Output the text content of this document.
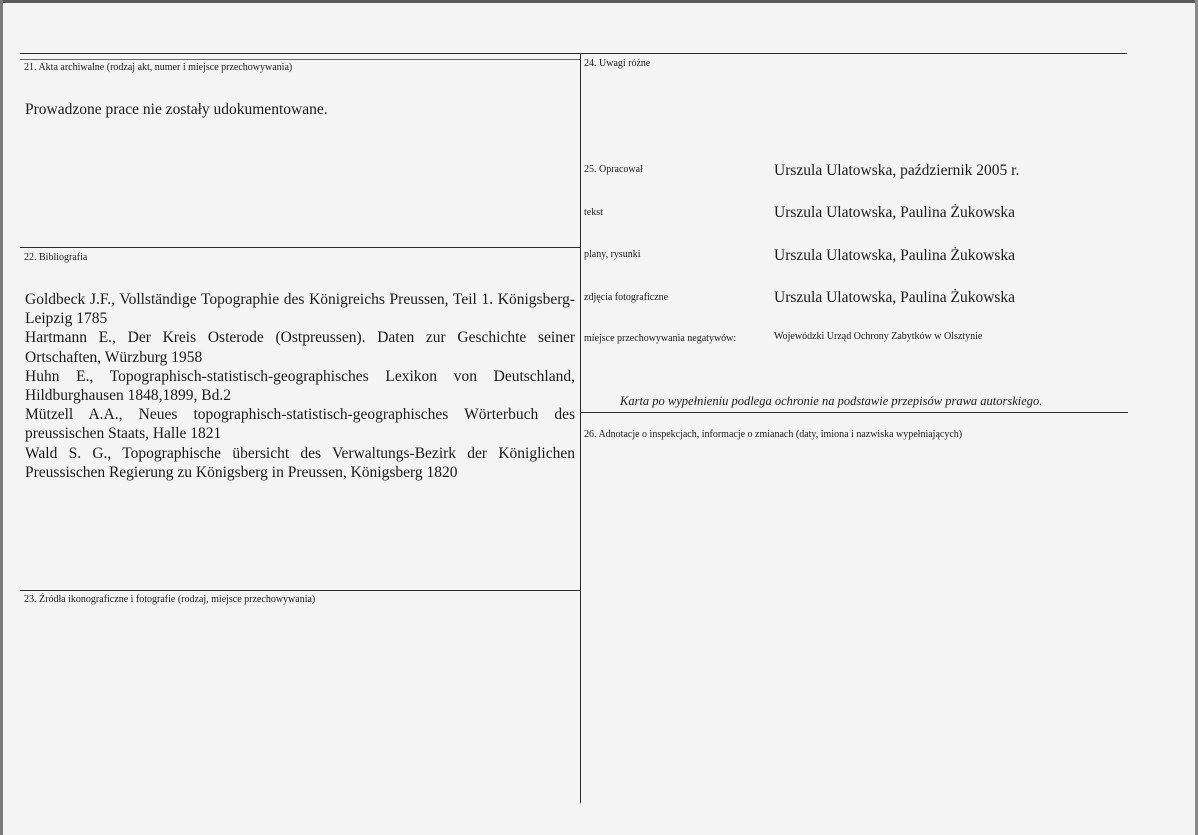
21. Akta archiwalne (rodzaj akt, numer i miejsce przechowywania)
Prowadzone prace nie zostały udokumentowane.
22. Bibliografia
Goldbeck J.F., Vollständige Topographie des Königreichs Preussen, Teil 1. Königsberg-Leipzig 1785
Hartmann E., Der Kreis Osterode (Ostpreussen). Daten zur Geschichte seiner Ortschaften, Würzburg 1958
Huhn E., Topographisch-statistisch-geographisches Lexikon von Deutschland, Hildburghausen 1848,1899, Bd.2
Mützell A.A., Neues topographisch-statistisch-geographisches Wörterbuch des preussischen Staats, Halle 1821
Wald S. G., Topographische übersicht des Verwaltungs-Bezirk der Königlichen Preussischen Regierung zu Königsberg in Preussen, Königsberg 1820
23. Źródła ikonograficzne i fotografie (rodzaj, miejsce przechowywania)
24. Uwagi różne
25. Opracował	Urszula Ulatowska, październik 2005 r.
tekst	Urszula Ulatowska, Paulina Żukowska
plany, rysunki	Urszula Ulatowska, Paulina Żukowska
zdjęcia fotograficzne	Urszula Ulatowska, Paulina Żukowska
miejsce przechowywania negatywów:	Wojewódzki Urząd Ochrony Zabytków w Olsztynie
Karta po wypełnieniu podlega ochronie na podstawie przepisów prawa autorskiego.
26. Adnotacje o inspekcjach, informacje o zmianach (daty, imiona i nazwiska wypełniających)
